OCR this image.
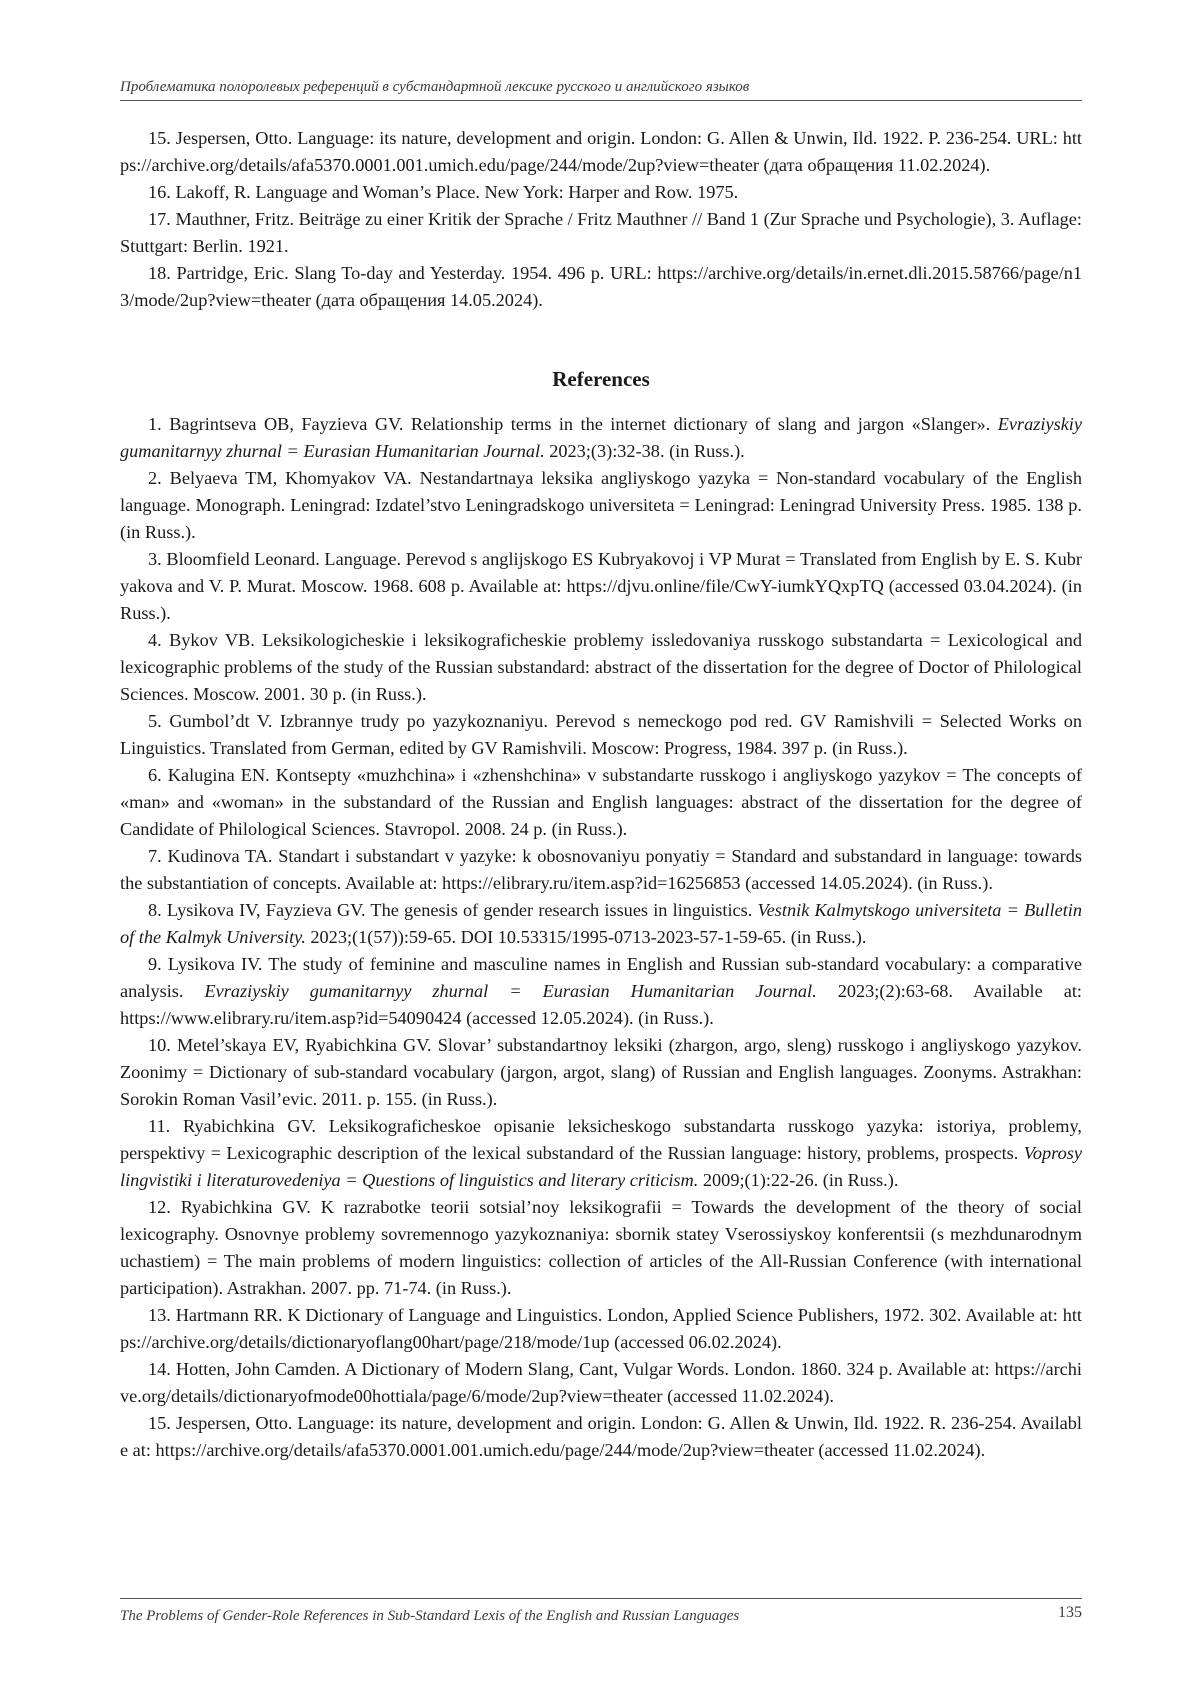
Проблематика полоролевых референций в субстандартной лексике русского и английского языков

15. Jespersen, Otto. Language: its nature, development and origin. London: G. Allen & Unwin, Ild. 1922. P. 236-254. URL: https://archive.org/details/afa5370.0001.001.umich.edu/page/244/mode/2up?view=theater (дата обращения 11.02.2024).

16. Lakoff, R. Language and Woman’s Place. New York: Harper and Row. 1975.

17. Mauthner, Fritz. Beiträge zu einer Kritik der Sprache / Fritz Mauthner // Band 1 (Zur Sprache und Psychologie), 3. Auflage: Stuttgart: Berlin. 1921.

18. Partridge, Eric. Slang To-day and Yesterday. 1954. 496 p. URL: https://archive.org/details/in.ernet.dli.2015.58766/page/n13/mode/2up?view=theater (дата обращения 14.05.2024).

References

1. Bagrintseva OB, Fayzieva GV. Relationship terms in the internet dictionary of slang and jargon «Slanger». Evraziyskiy gumanitarnyy zhurnal = Eurasian Humanitarian Journal. 2023;(3):32-38. (in Russ.).

2. Belyaeva TM, Khomyakov VA. Nestandartnaya leksika angliyskogo yazyka = Non-standard vocabulary of the English language. Monograph. Leningrad: Izdatel’stvo Leningradskogo universiteta = Leningrad: Leningrad University Press. 1985. 138 p. (in Russ.).

3. Bloomfield Leonard. Language. Perevod s anglijskogo ES Kubryakovoj i VP Murat = Translated from English by E. S. Kubryakova and V. P. Murat. Moscow. 1968. 608 p. Available at: https://djvu.online/file/CwY-iumkYQxpTQ (accessed 03.04.2024). (in Russ.).

4. Bykov VB. Leksikologicheskie i leksikograficheskie problemy issledovaniya russkogo substandarta = Lexicological and lexicographic problems of the study of the Russian substandard: abstract of the dissertation for the degree of Doctor of Philological Sciences. Moscow. 2001. 30 p. (in Russ.).

5. Gumbol’dt V. Izbrannye trudy po yazykoznaniyu. Perevod s nemeckogo pod red. GV Ramishvili = Selected Works on Linguistics. Translated from German, edited by GV Ramishvili. Moscow: Progress, 1984. 397 p. (in Russ.).

6. Kalugina EN. Kontsepty «muzhchina» i «zhenshchina» v substandarte russkogo i angliyskogo yazykov = The concepts of «man» and «woman» in the substandard of the Russian and English languages: abstract of the dissertation for the degree of Candidate of Philological Sciences. Stavropol. 2008. 24 p. (in Russ.).

7. Kudinova TA. Standart i substandart v yazyke: k obosnovaniyu ponyatiy = Standard and substandard in language: towards the substantiation of concepts. Available at: https://elibrary.ru/item.asp?id=16256853 (accessed 14.05.2024). (in Russ.).

8. Lysikova IV, Fayzieva GV. The genesis of gender research issues in linguistics. Vestnik Kalmytskogo universiteta = Bulletin of the Kalmyk University. 2023;(1(57)):59-65. DOI 10.53315/1995-0713-2023-57-1-59-65. (in Russ.).

9. Lysikova IV. The study of feminine and masculine names in English and Russian sub-standard vocabulary: a comparative analysis. Evraziyskiy gumanitarnyy zhurnal = Eurasian Humanitarian Journal. 2023;(2):63-68. Available at: https://www.elibrary.ru/item.asp?id=54090424 (accessed 12.05.2024). (in Russ.).

10. Metel’skaya EV, Ryabichkina GV. Slovar’ substandartnoy leksiki (zhargon, argo, sleng) russkogo i angliyskogo yazykov. Zoonimy = Dictionary of sub-standard vocabulary (jargon, argot, slang) of Russian and English languages. Zoonyms. Astrakhan: Sorokin Roman Vasil’evic. 2011. p. 155. (in Russ.).

11. Ryabichkina GV. Leksikograficheskoe opisanie leksicheskogo substandarta russkogo yazyka: istoriya, problemy, perspektivy = Lexicographic description of the lexical substandard of the Russian language: history, problems, prospects. Voprosy lingvistiki i literaturovedeniya = Questions of linguistics and literary criticism. 2009;(1):22-26. (in Russ.).

12. Ryabichkina GV. K razrabotke teorii sotsial’noy leksikografii = Towards the development of the theory of social lexicography. Osnovnye problemy sovremennogo yazykoznaniya: sbornik statey Vserossiyskoy konferentsii (s mezhdunarodnym uchastiem) = The main problems of modern linguistics: collection of articles of the All-Russian Conference (with international participation). Astrakhan. 2007. pp. 71-74. (in Russ.).

13. Hartmann RR. K Dictionary of Language and Linguistics. London, Applied Science Publishers, 1972. 302. Available at: https://archive.org/details/dictionaryoflang00hart/page/218/mode/1up (accessed 06.02.2024).

14. Hotten, John Camden. A Dictionary of Modern Slang, Cant, Vulgar Words. London. 1860. 324 p. Available at: https://archive.org/details/dictionaryofmode00hottiala/page/6/mode/2up?view=theater (accessed 11.02.2024).

15. Jespersen, Otto. Language: its nature, development and origin. London: G. Allen & Unwin, Ild. 1922. R. 236-254. Available at: https://archive.org/details/afa5370.0001.001.umich.edu/page/244/mode/2up?view=theater (accessed 11.02.2024).

The Problems of Gender-Role References in Sub-Standard Lexis of the English and Russian Languages	135
